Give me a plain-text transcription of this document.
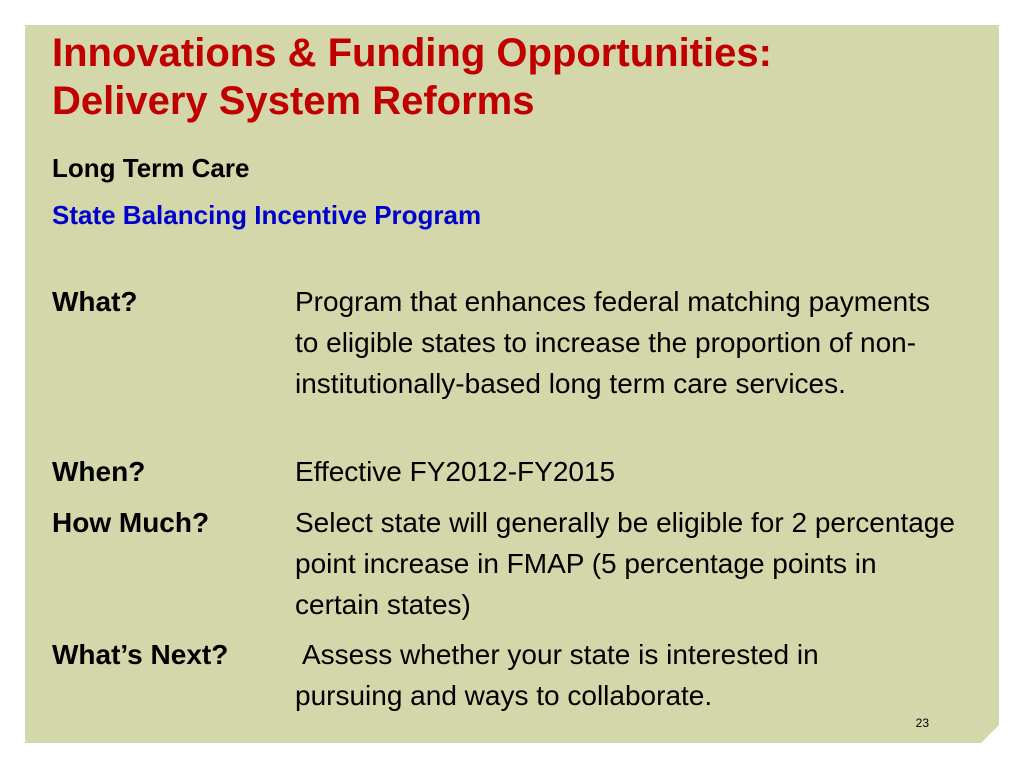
Innovations & Funding Opportunities:
Delivery System Reforms
Long Term Care
State Balancing Incentive Program
What?	Program that enhances federal matching payments to eligible states to increase the proportion of non-institutionally-based long term care services.
When?	Effective FY2012-FY2015
How Much?	Select state will generally be eligible for 2 percentage point increase in FMAP (5 percentage points in certain states)
What’s Next?	Assess whether your state is interested in
pursuing and ways to collaborate.
23
